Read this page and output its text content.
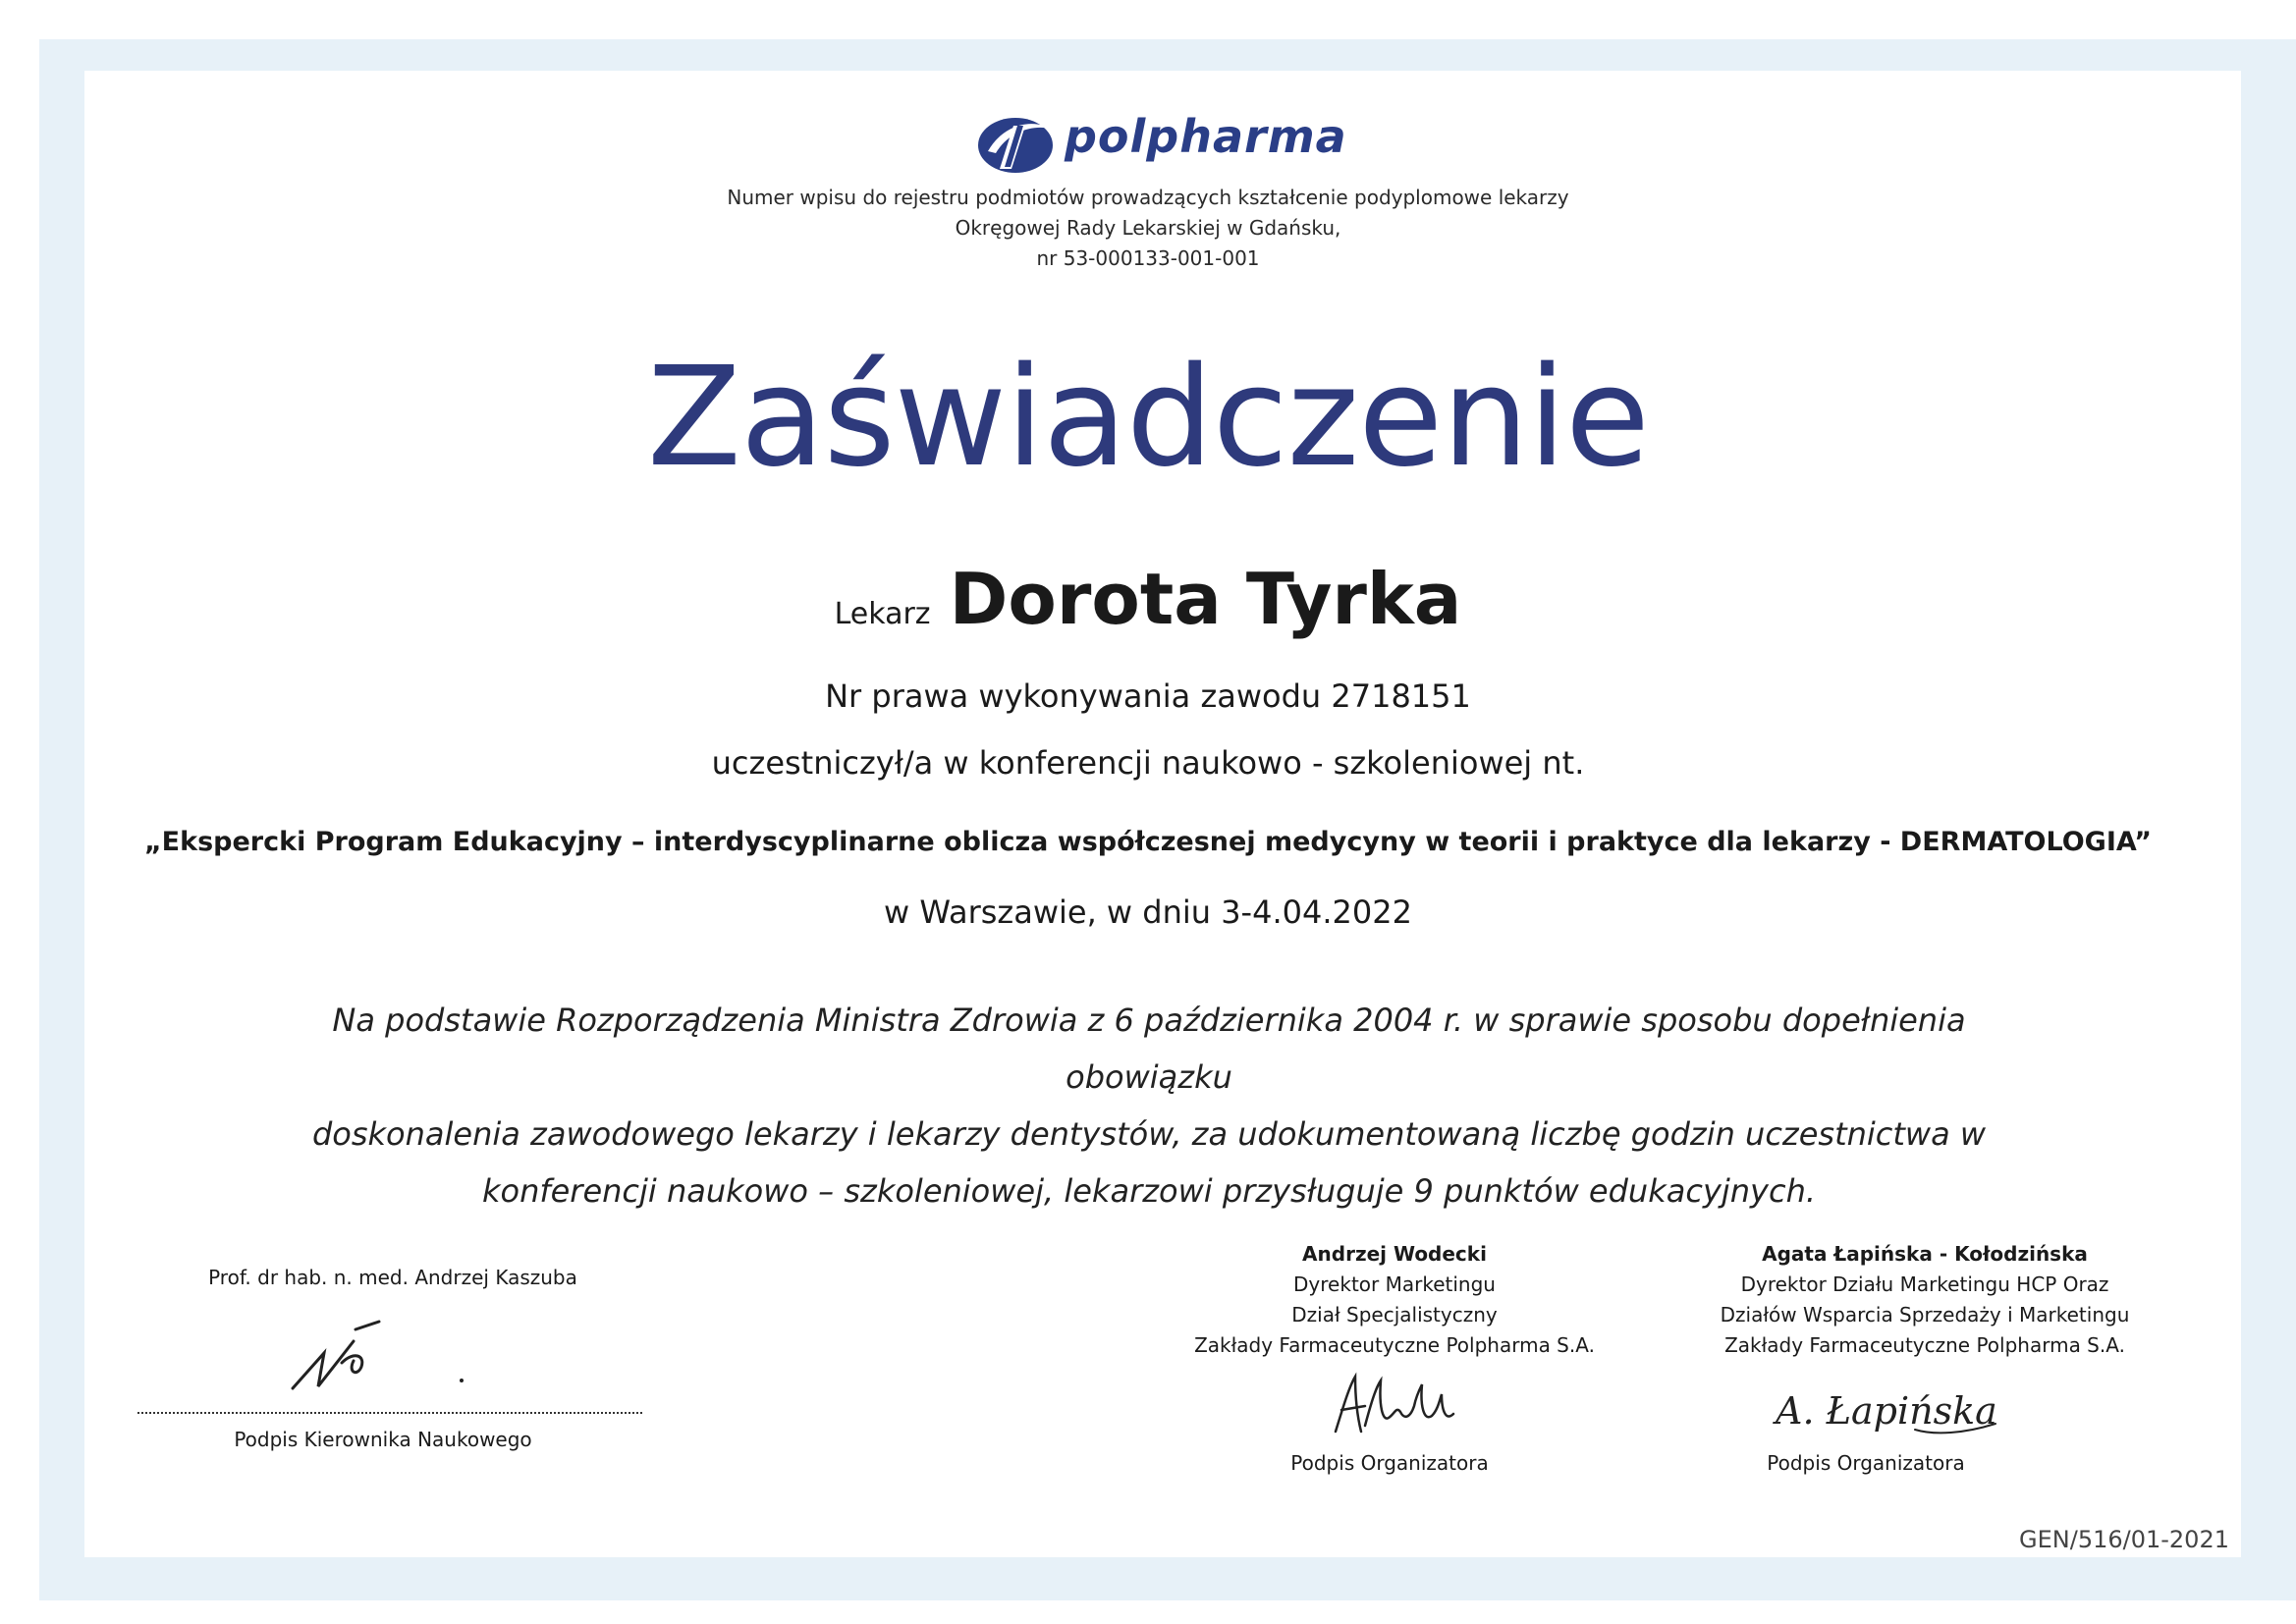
polpharma
Numer wpisu do rejestru podmiotów prowadzących kształcenie podyplomowe lekarzy
Okręgowej Rady Lekarskiej w Gdańsku,
nr 53-000133-001-001
Zaświadczenie
Lekarz Dorota Tyrka
Nr prawa wykonywania zawodu 2718151
uczestniczył/a w konferencji naukowo - szkoleniowej nt.
„Ekspercki Program Edukacyjny – interdyscyplinarne oblicza współczesnej medycyny w teorii i praktyce dla lekarzy - DERMATOLOGIA”
w Warszawie, w dniu 3-4.04.2022
Na podstawie Rozporządzenia Ministra Zdrowia z 6 października 2004 r. w sprawie sposobu dopełnienia obowiązku
doskonalenia zawodowego lekarzy i lekarzy dentystów, za udokumentowaną liczbę godzin uczestnictwa w
konferencji naukowo – szkoleniowej, lekarzowi przysługuje 9 punktów edukacyjnych.
Prof. dr hab. n. med. Andrzej Kaszuba
Podpis Kierownika Naukowego
Andrzej Wodecki
Dyrektor Marketingu
Dział Specjalistyczny
Zakłady Farmaceutyczne Polpharma S.A.
Podpis Organizatora
Agata Łapińska - Kołodzińska
Dyrektor Działu Marketingu HCP Oraz
Działów Wsparcia Sprzedaży i Marketingu
Zakłady Farmaceutyczne Polpharma S.A.
A. Łapińska
Podpis Organizatora
GEN/516/01-2021
